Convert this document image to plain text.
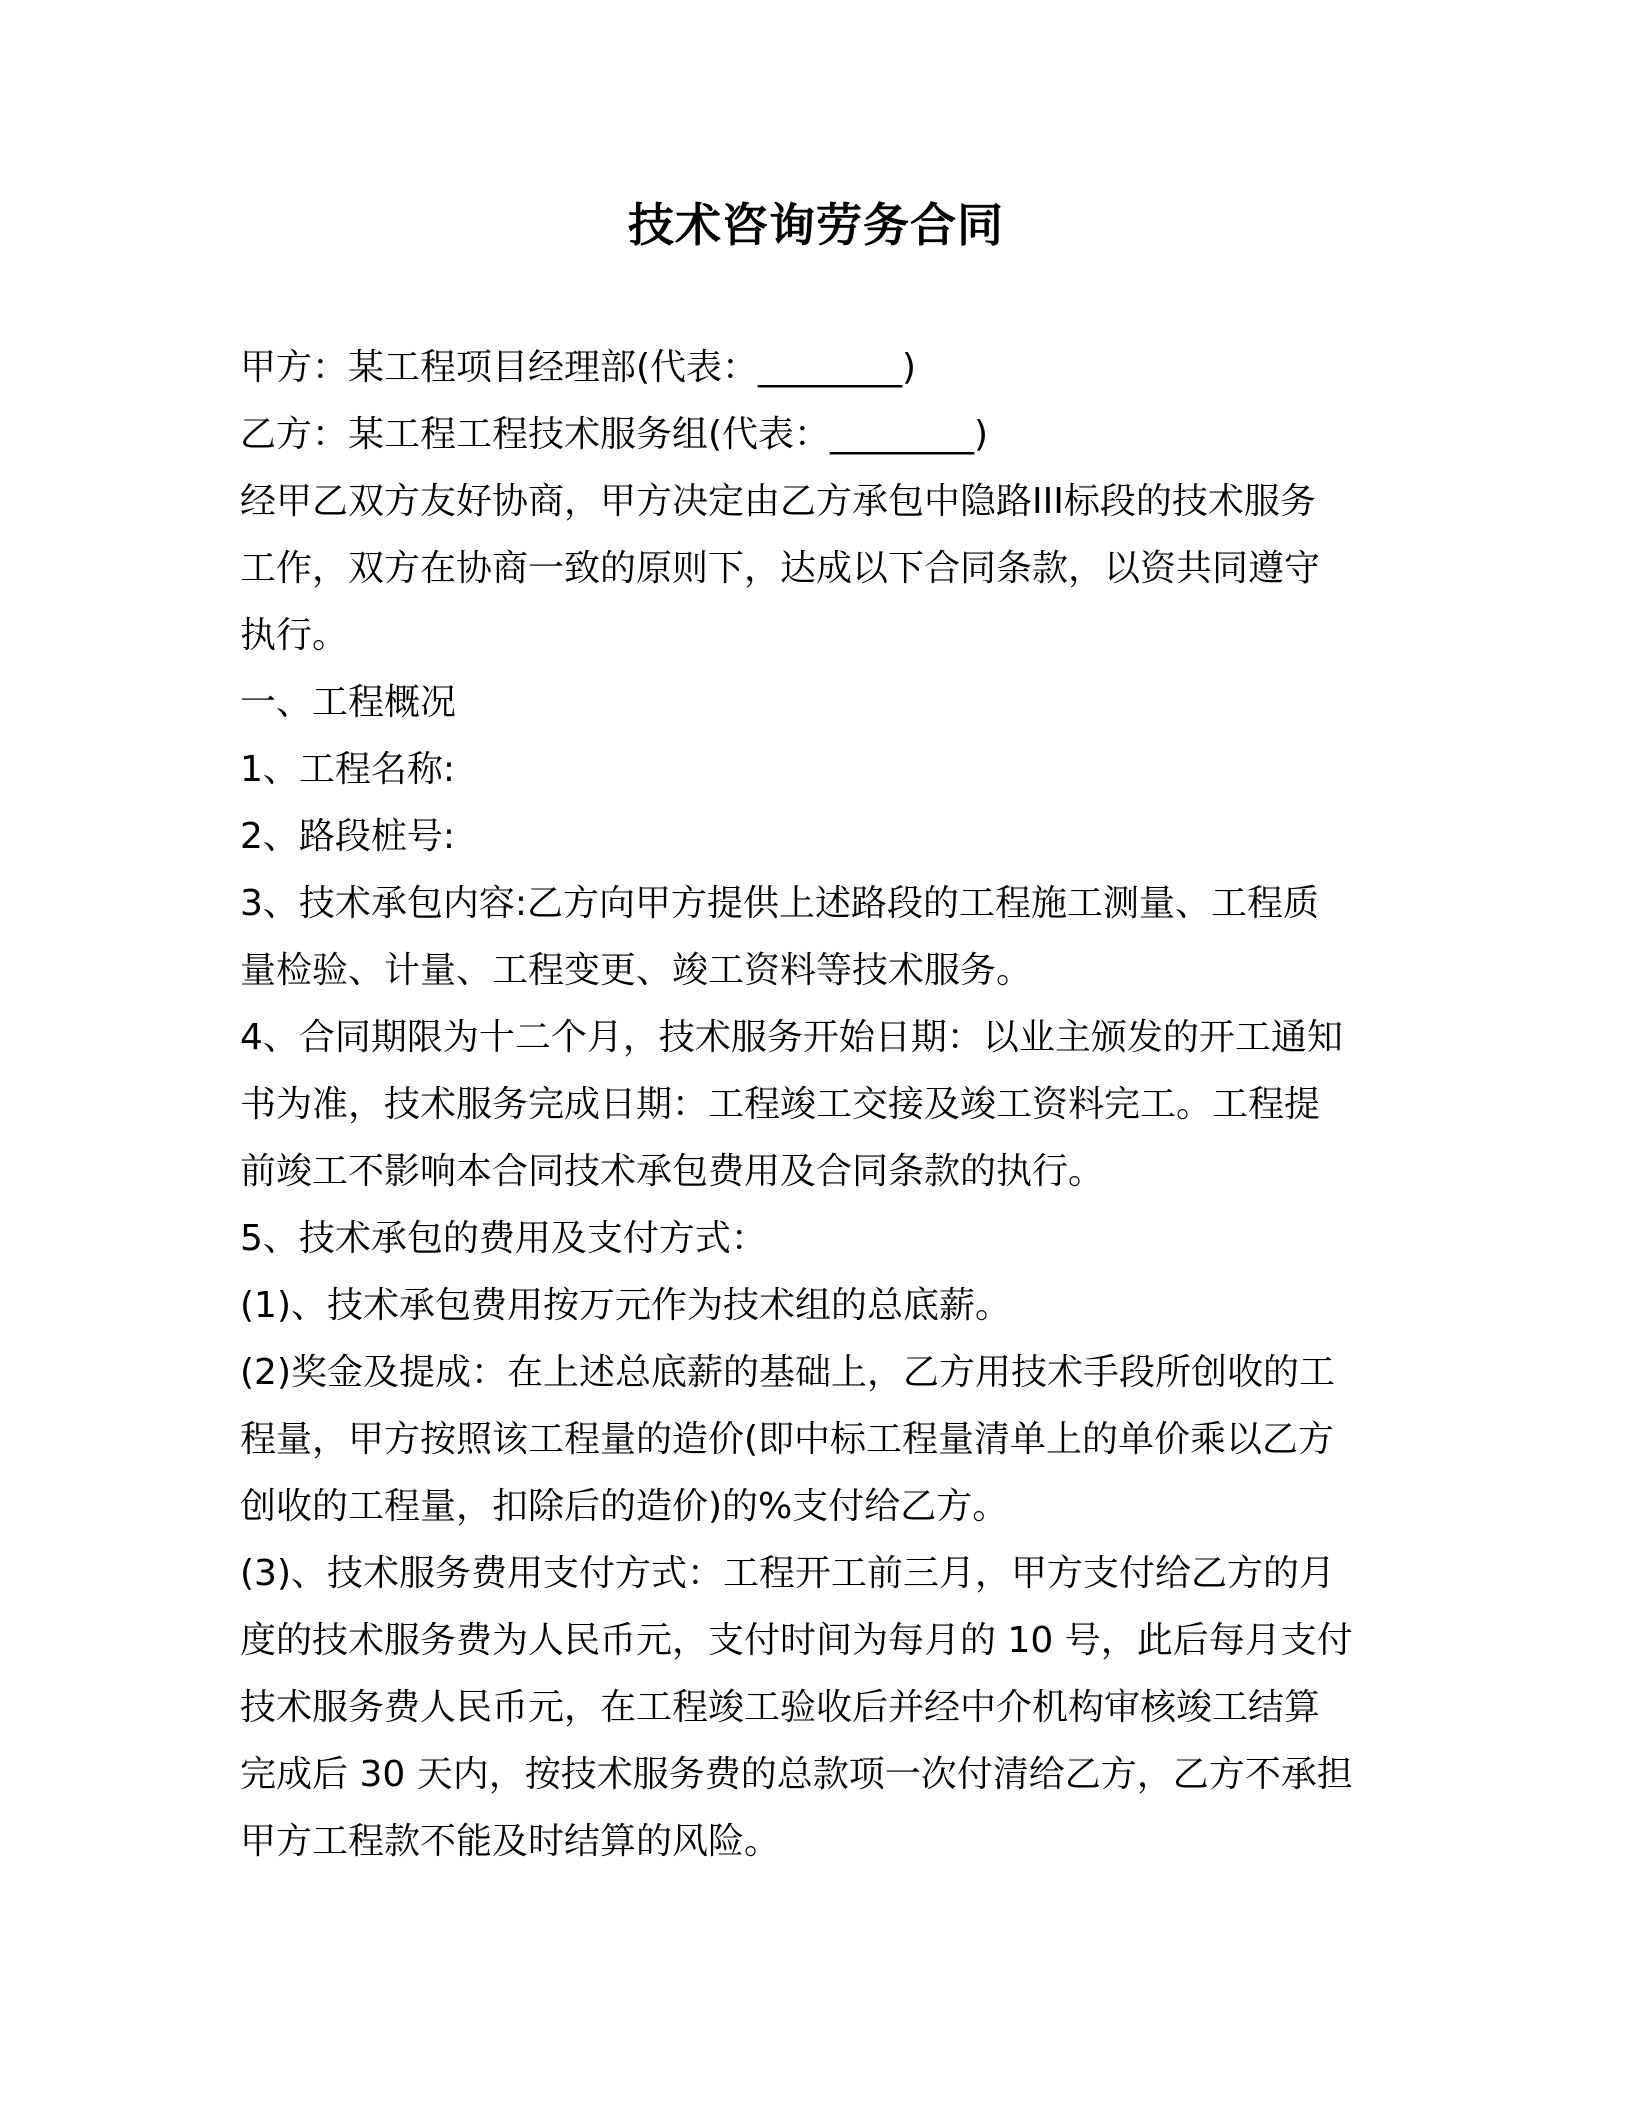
技术咨询劳务合同
甲方：某工程项目经理部(代表：________)
乙方：某工程工程技术服务组(代表：________)
经甲乙双方友好协商，甲方决定由乙方承包中隐路III标段的技术服务
工作，双方在协商一致的原则下，达成以下合同条款，以资共同遵守
执行。
一、工程概况
1、工程名称:
2、路段桩号:
3、技术承包内容:乙方向甲方提供上述路段的工程施工测量、工程质
量检验、计量、工程变更、竣工资料等技术服务。
4、合同期限为十二个月，技术服务开始日期：以业主颁发的开工通知
书为准，技术服务完成日期：工程竣工交接及竣工资料完工。工程提
前竣工不影响本合同技术承包费用及合同条款的执行。
5、技术承包的费用及支付方式：
(1)、技术承包费用按万元作为技术组的总底薪。
(2)奖金及提成：在上述总底薪的基础上，乙方用技术手段所创收的工
程量，甲方按照该工程量的造价(即中标工程量清单上的单价乘以乙方
创收的工程量，扣除后的造价)的%支付给乙方。
(3)、技术服务费用支付方式：工程开工前三月，甲方支付给乙方的月
度的技术服务费为人民币元，支付时间为每月的 10 号，此后每月支付
技术服务费人民币元，在工程竣工验收后并经中介机构审核竣工结算
完成后 30 天内，按技术服务费的总款项一次付清给乙方，乙方不承担
甲方工程款不能及时结算的风险。
